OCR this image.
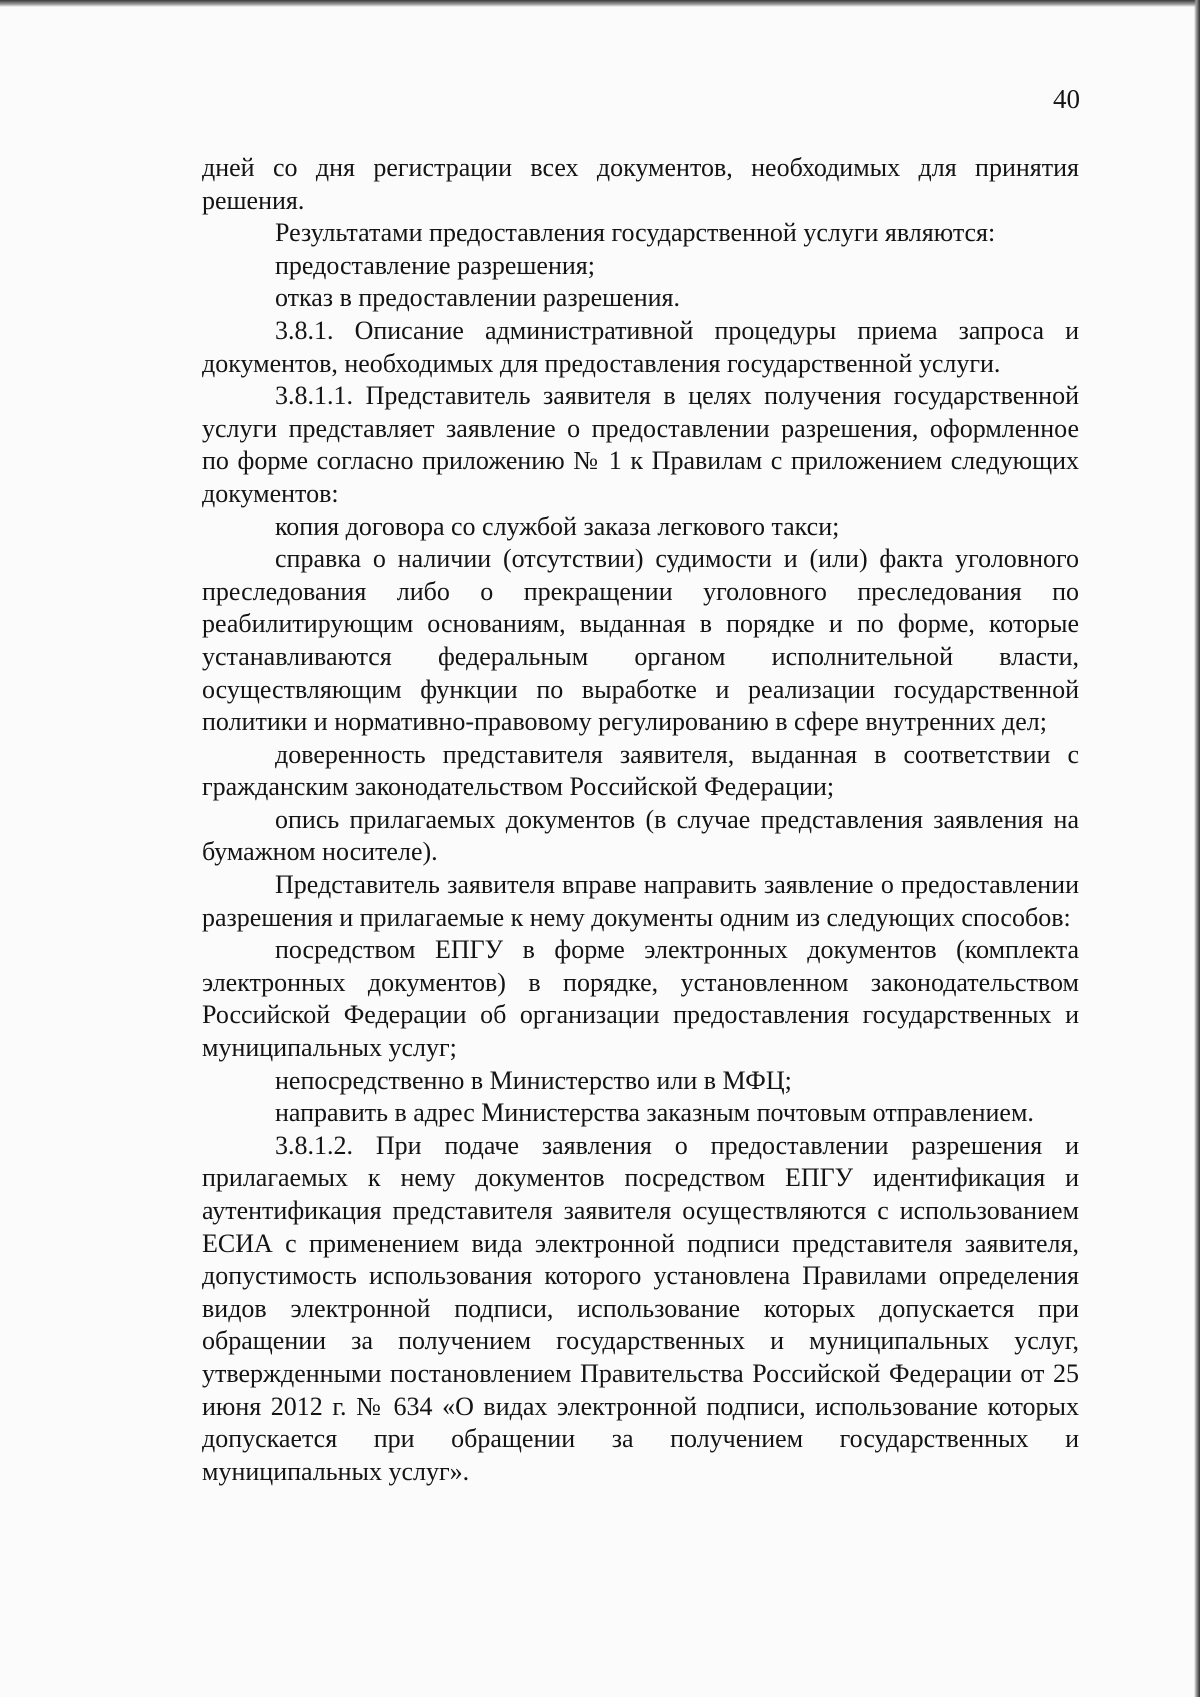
40

дней со дня регистрации всех документов, необходимых для принятия решения.

Результатами предоставления государственной услуги являются:

предоставление разрешения;

отказ в предоставлении разрешения.

3.8.1. Описание административной процедуры приема запроса и документов, необходимых для предоставления государственной услуги.

3.8.1.1. Представитель заявителя в целях получения государственной услуги представляет заявление о предоставлении разрешения, оформленное по форме согласно приложению № 1 к Правилам с приложением следующих документов:

копия договора со службой заказа легкового такси;

справка о наличии (отсутствии) судимости и (или) факта уголовного преследования либо о прекращении уголовного преследования по реабилитирующим основаниям, выданная в порядке и по форме, которые устанавливаются федеральным органом исполнительной власти, осуществляющим функции по выработке и реализации государственной политики и нормативно-правовому регулированию в сфере внутренних дел;

доверенность представителя заявителя, выданная в соответствии с гражданским законодательством Российской Федерации;

опись прилагаемых документов (в случае представления заявления на бумажном носителе).

Представитель заявителя вправе направить заявление о предоставлении разрешения и прилагаемые к нему документы одним из следующих способов:

посредством ЕПГУ в форме электронных документов (комплекта электронных документов) в порядке, установленном законодательством Российской Федерации об организации предоставления государственных и муниципальных услуг;

непосредственно в Министерство или в МФЦ;

направить в адрес Министерства заказным почтовым отправлением.

3.8.1.2. При подаче заявления о предоставлении разрешения и прилагаемых к нему документов посредством ЕПГУ идентификация и аутентификация представителя заявителя осуществляются с использованием ЕСИА с применением вида электронной подписи представителя заявителя, допустимость использования которого установлена Правилами определения видов электронной подписи, использование которых допускается при обращении за получением государственных и муниципальных услуг, утвержденными постановлением Правительства Российской Федерации от 25 июня 2012 г. № 634 «О видах электронной подписи, использование которых допускается при обращении за получением государственных и муниципальных услуг».
